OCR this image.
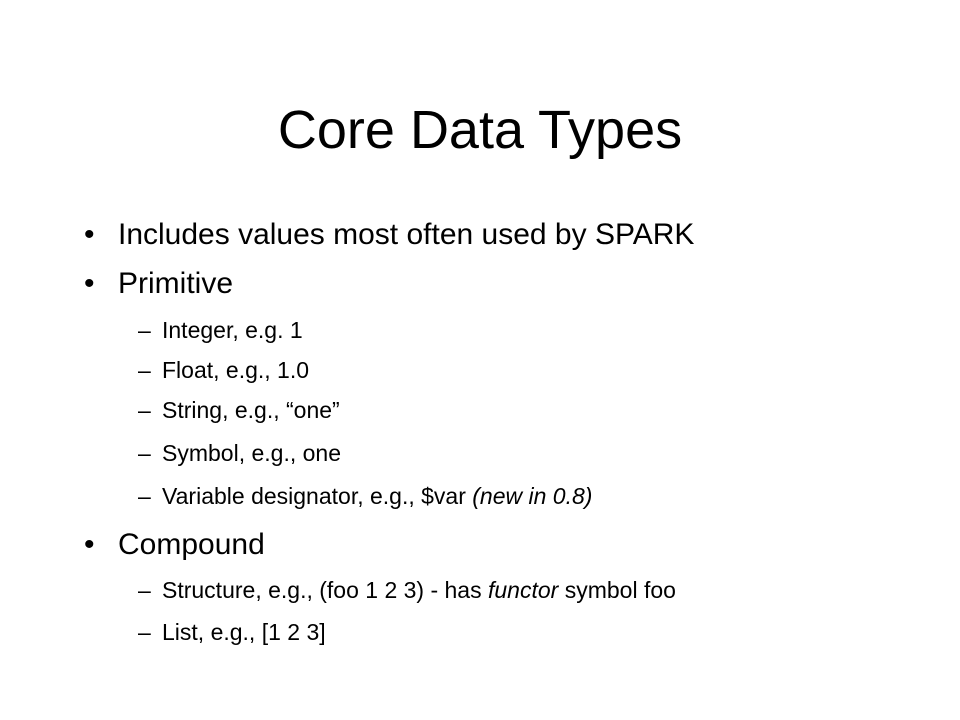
Core Data Types
• Includes values most often used by SPARK
• Primitive
– Integer, e.g. 1
– Float, e.g., 1.0
– String, e.g., “one”
– Symbol, e.g., one
– Variable designator, e.g., $var (new in 0.8)
• Compound
– Structure, e.g., (foo 1 2 3) - has functor symbol foo
– List, e.g., [1 2 3]
